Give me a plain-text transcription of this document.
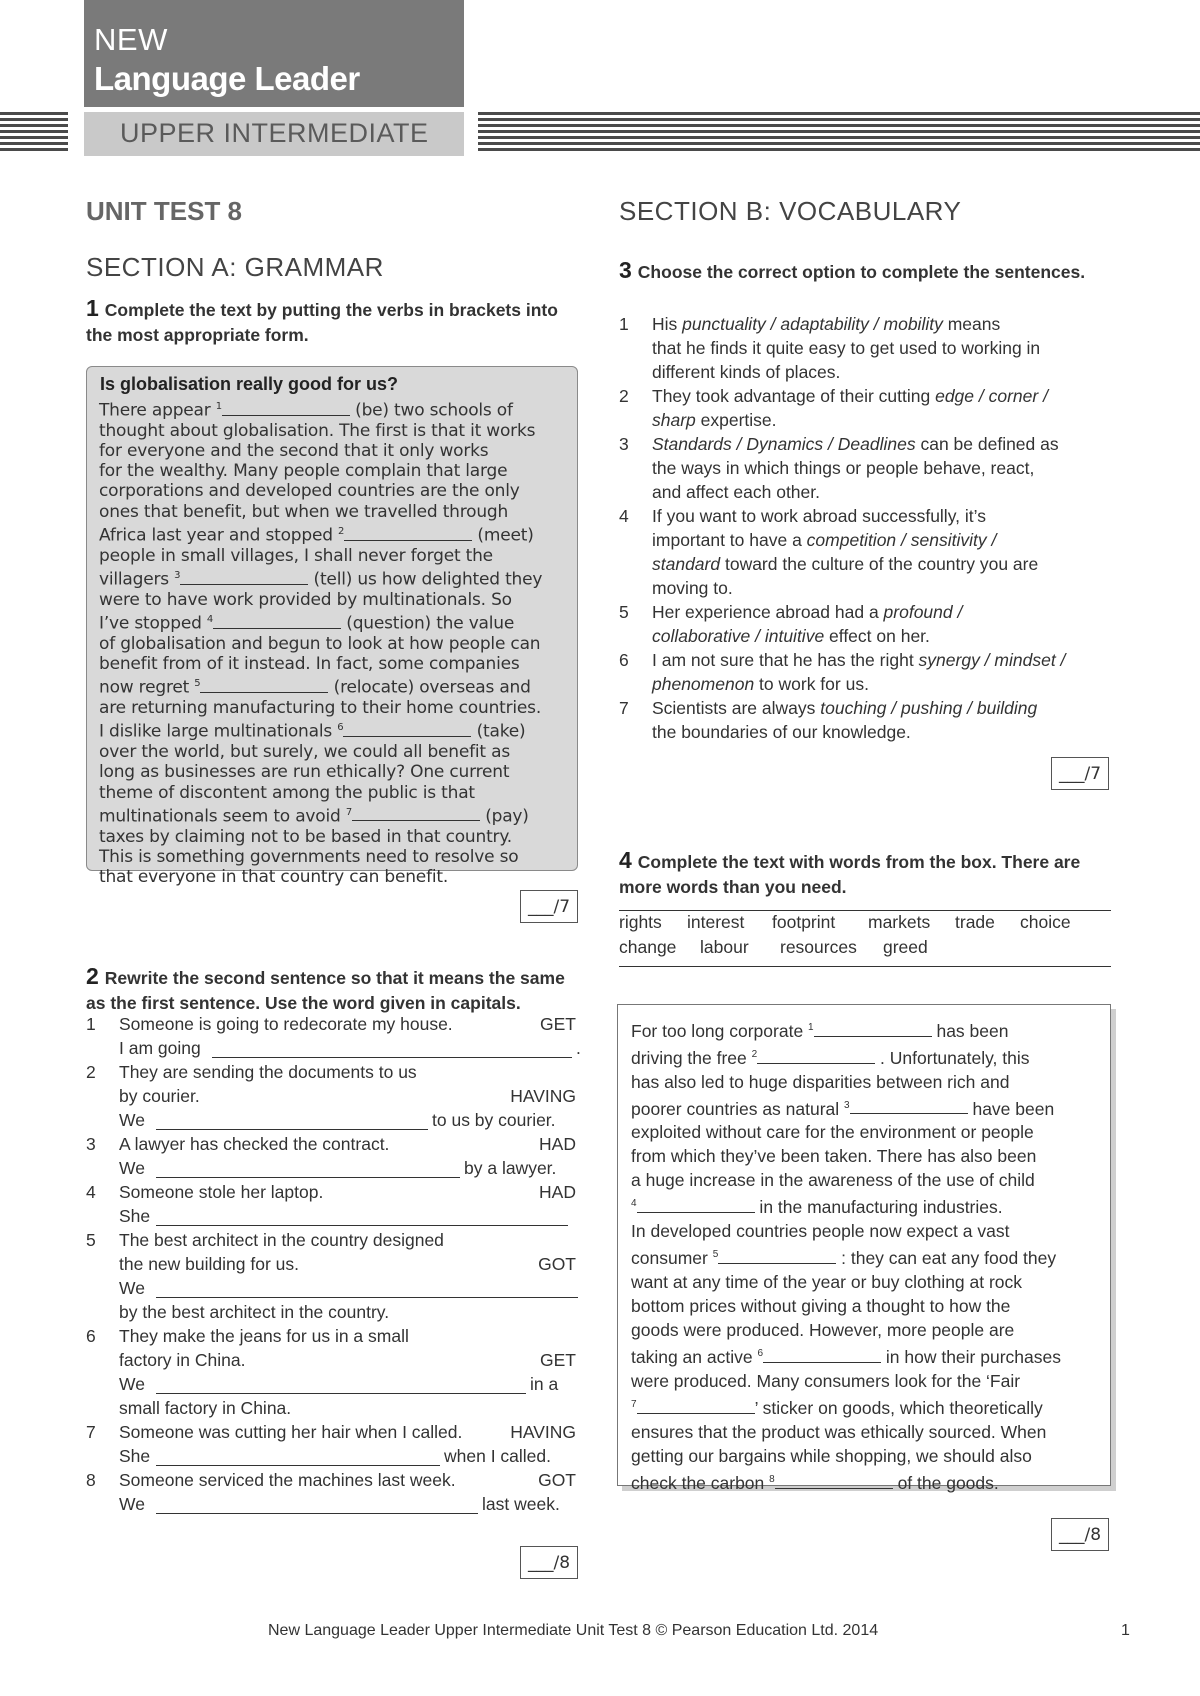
NEW
Language Leader
UPPER INTERMEDIATE
UNIT TEST 8
SECTION A: GRAMMAR
1 Complete the text by putting the verbs in brackets into the most appropriate form.
Is globalisation really good for us?
There appear $^1$	(be) two schools of
thought about globalisation. The first is that it works
for everyone and the second that it only works
for the wealthy. Many people complain that large
corporations and developed countries are the only
ones that benefit, but when we travelled through
Africa last year and stopped $^2$	(meet)
people in small villages, I shall never forget the
villagers $^3$	(tell) us how delighted they
were to have work provided by multinationals. So
I’ve stopped $^4$	(question) the value
of globalisation and begun to look at how people can
benefit from of it instead. In fact, some companies
now regret $^5$	(relocate) overseas and
are returning manufacturing to their home countries.
I dislike large multinationals $^6$	(take)
over the world, but surely, we could all benefit as
long as businesses are run ethically? One current
theme of discontent among the public is that
multinationals seem to avoid $^7$	(pay)
taxes by claiming not to be based in that country.
This is something governments need to resolve so
that everyone in that country can benefit.
___/7
2 Rewrite the second sentence so that it means the same as the first sentence. Use the word given in capitals.
1 Someone is going to redecorate my house.	GET
I am going	.
2 They are sending the documents to us
by courier.	HAVING
We	to us by courier.
3 A lawyer has checked the contract.	HAD
We	by a lawyer.
4 Someone stole her laptop.	HAD
She
5 The best architect in the country designed
the new building for us.	GOT
We
by the best architect in the country.
6 They make the jeans for us in a small
factory in China.	GET
We	in a
small factory in China.
7 Someone was cutting her hair when I called.	HAVING
She	when I called.
8 Someone serviced the machines last week.	GOT
We	last week.
___/8
SECTION B: VOCABULARY
3 Choose the correct option to complete the sentences.
1 His punctuality / adaptability / mobility means
that he finds it quite easy to get used to working in
different kinds of places.
2 They took advantage of their cutting edge / corner /
sharp expertise.
3 Standards / Dynamics / Deadlines can be defined as
the ways in which things or people behave, react,
and affect each other.
4 If you want to work abroad successfully, it’s
important to have a competition / sensitivity /
standard toward the culture of the country you are
moving to.
5 Her experience abroad had a profound /
collaborative / intuitive effect on her.
6 I am not sure that he has the right synergy / mindset /
phenomenon to work for us.
7 Scientists are always touching / pushing / building
the boundaries of our knowledge.
___/7
4 Complete the text with words from the box. There are more words than you need.
rights interest footprint markets trade choice
change labour resources greed
For too long corporate $^1$	has been
driving the free $^2$	. Unfortunately, this
has also led to huge disparities between rich and
poorer countries as natural $^3$	have been
exploited without care for the environment or people
from which they’ve been taken. There has also been
a huge increase in the awareness of the use of child
$^4$	in the manufacturing industries.
In developed countries people now expect a vast
consumer $^5$	: they can eat any food they
want at any time of the year or buy clothing at rock
bottom prices without giving a thought to how the
goods were produced. However, more people are
taking an active $^6$	in how their purchases
were produced. Many consumers look for the ‘Fair
$^7$	’ sticker on goods, which theoretically
ensures that the product was ethically sourced. When
getting our bargains while shopping, we should also
check the carbon $^8$	of the goods.
___/8
New Language Leader Upper Intermediate Unit Test 8 © Pearson Education Ltd. 2014	1
